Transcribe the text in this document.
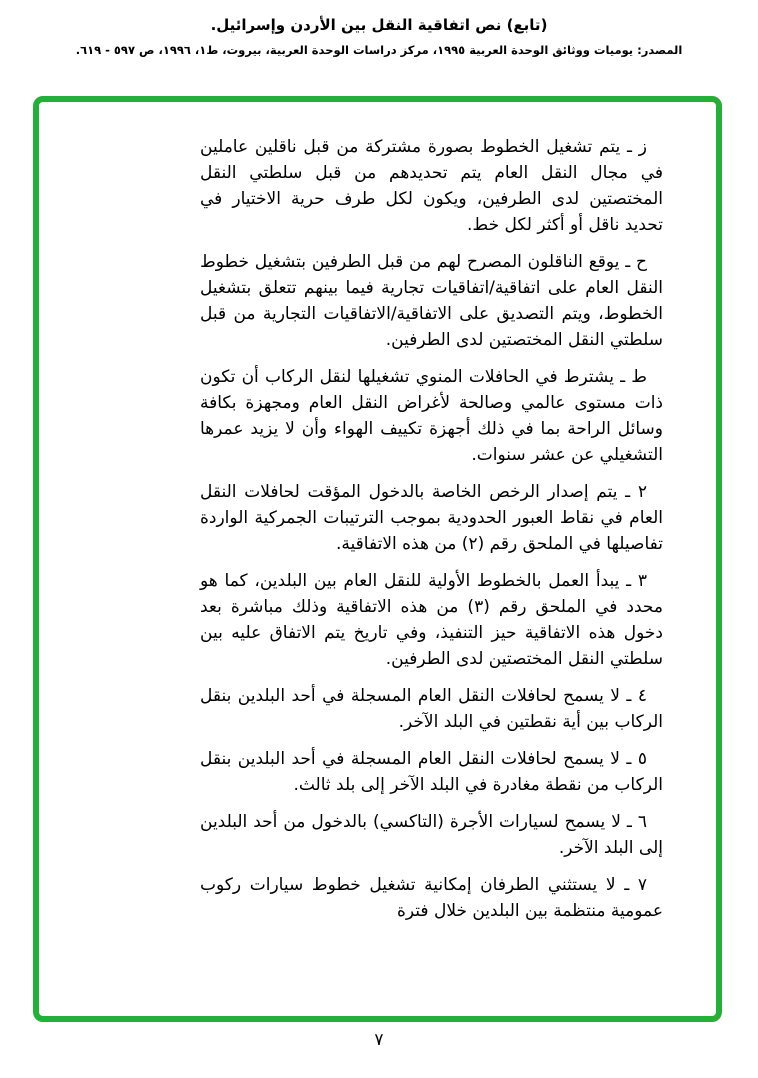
(تابع) نص اتفاقية النقل بين الأردن وإسرائيل.

المصدر: يوميات ووثائق الوحدة العربية ١٩٩٥، مركز دراسات الوحدة العربية، بيروت، ط١، ١٩٩٦، ص ٥٩٧ - ٦١٩.

ز ـ يتم تشغيل الخطوط بصورة مشتركة من قبل ناقلين عاملين في مجال النقل العام يتم تحديدهم من قبل سلطتي النقل المختصتين لدى الطرفين، ويكون لكل طرف حرية الاختيار في تحديد ناقل أو أكثر لكل خط.

ح ـ يوقع الناقلون المصرح لهم من قبل الطرفين بتشغيل خطوط النقل العام على اتفاقية/اتفاقيات تجارية فيما بينهم تتعلق بتشغيل الخطوط، ويتم التصديق على الاتفاقية/الاتفاقيات التجارية من قبل سلطتي النقل المختصتين لدى الطرفين.

ط ـ يشترط في الحافلات المنوي تشغيلها لنقل الركاب أن تكون ذات مستوى عالمي وصالحة لأغراض النقل العام ومجهزة بكافة وسائل الراحة بما في ذلك أجهزة تكييف الهواء وأن لا يزيد عمرها التشغيلي عن عشر سنوات.

٢ ـ يتم إصدار الرخص الخاصة بالدخول المؤقت لحافلات النقل العام في نقاط العبور الحدودية بموجب الترتيبات الجمركية الواردة تفاصيلها في الملحق رقم (٢) من هذه الاتفاقية.

٣ ـ يبدأ العمل بالخطوط الأولية للنقل العام بين البلدين، كما هو محدد في الملحق رقم (٣) من هذه الاتفاقية وذلك مباشرة بعد دخول هذه الاتفاقية حيز التنفيذ، وفي تاريخ يتم الاتفاق عليه بين سلطتي النقل المختصتين لدى الطرفين.

٤ ـ لا يسمح لحافلات النقل العام المسجلة في أحد البلدين بنقل الركاب بين أية نقطتين في البلد الآخر.

٥ ـ لا يسمح لحافلات النقل العام المسجلة في أحد البلدين بنقل الركاب من نقطة مغادرة في البلد الآخر إلى بلد ثالث.

٦ ـ لا يسمح لسيارات الأجرة (التاكسي) بالدخول من أحد البلدين إلى البلد الآخر.

٧ ـ لا يستثني الطرفان إمكانية تشغيل خطوط سيارات ركوب عمومية منتظمة بين البلدين خلال فترة

٧
